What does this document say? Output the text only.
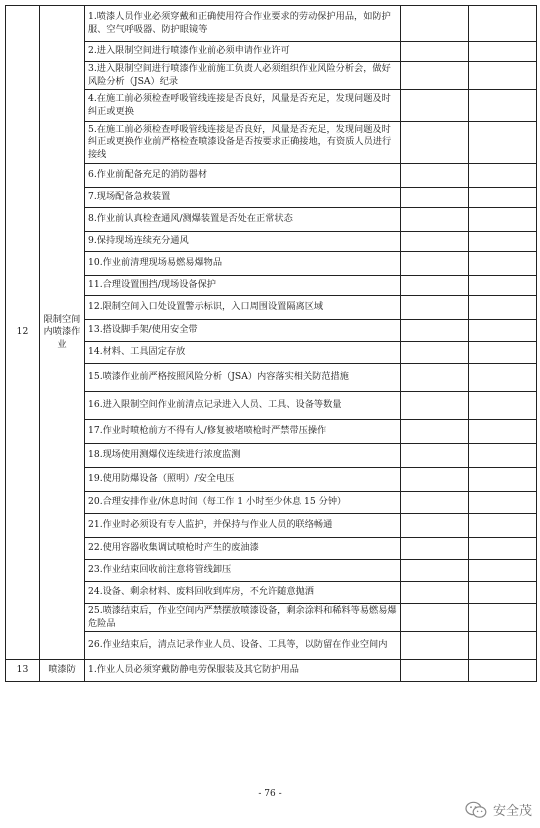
12	限制空间内喷漆作业	1.喷漆人员作业必须穿戴和正确使用符合作业要求的劳动保护用品，如防护服、空气呼吸器、防护眼镜等		
		2.进入限制空间进行喷漆作业前必须申请作业许可		
		3.进入限制空间进行喷漆作业前施工负责人必须组织作业风险分析会，做好风险分析（JSA）纪录		
		4.在施工前必须检查呼吸管线连接是否良好，风量是否充足，发现问题及时纠正或更换		
		5.在施工前必须检查呼吸管线连接是否良好，风量是否充足，发现问题及时纠正或更换作业前严格检查喷漆设备是否按要求正确接地，有资质人员进行接线		
		6.作业前配备充足的消防器材		
		7.现场配备急救装置		
		8.作业前认真检查通风/测爆装置是否处在正常状态		
		9.保持现场连续充分通风		
		10.作业前清理现场易燃易爆物品		
		11.合理设置围挡/现场设备保护		
		12.限制空间入口处设置警示标识，入口周围设置隔离区域		
		13.搭设脚手架/使用安全带		
		14.材料、工具固定存放		
		15.喷漆作业前严格按照风险分析（JSA）内容落实相关防范措施		
		16.进入限制空间作业前清点记录进入人员、工具、设备等数量		
		17.作业时喷枪前方不得有人/修复被堵喷枪时严禁带压操作		
		18.现场使用测爆仪连续进行浓度监测		
		19.使用防爆设备（照明）/安全电压		
		20.合理安排作业/休息时间（每工作 1 小时至少休息 15 分钟）		
		21.作业时必须设有专人监护，并保持与作业人员的联络畅通		
		22.使用容器收集调试喷枪时产生的废油漆		
		23.作业结束回收前注意将管线卸压		
		24.设备、剩余材料、废料回收到库房，不允许随意抛洒		
		25.喷漆结束后，作业空间内严禁摆放喷漆设备，剩余涂料和稀料等易燃易爆危险品		
		26.作业结束后，清点记录作业人员、设备、工具等，以防留在作业空间内		
13	喷漆防	1.作业人员必须穿戴防静电劳保服装及其它防护用品		
- 76 -
安全茂
